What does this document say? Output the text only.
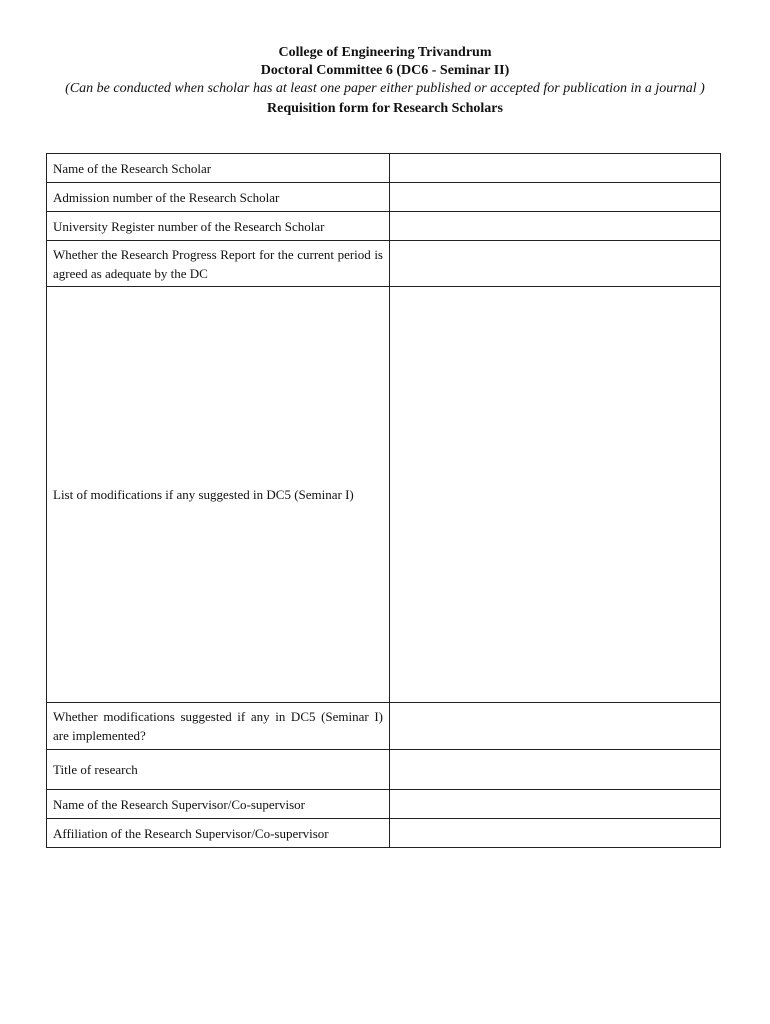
College of Engineering Trivandrum
Doctoral Committee 6 (DC6 - Seminar II)
(Can be conducted when scholar has at least one paper either published or accepted for publication in a journal )
Requisition form for Research Scholars
Name of the Research Scholar	
Admission number of the Research Scholar	
University Register number of the Research Scholar	
Whether the Research Progress Report for the current period is agreed as adequate by the DC	
List of modifications if any suggested in DC5 (Seminar I)	
Whether modifications suggested if any in DC5 (Seminar I) are implemented?	
Title of research	
Name of the Research Supervisor/Co-supervisor	
Affiliation of the Research Supervisor/Co-supervisor	
